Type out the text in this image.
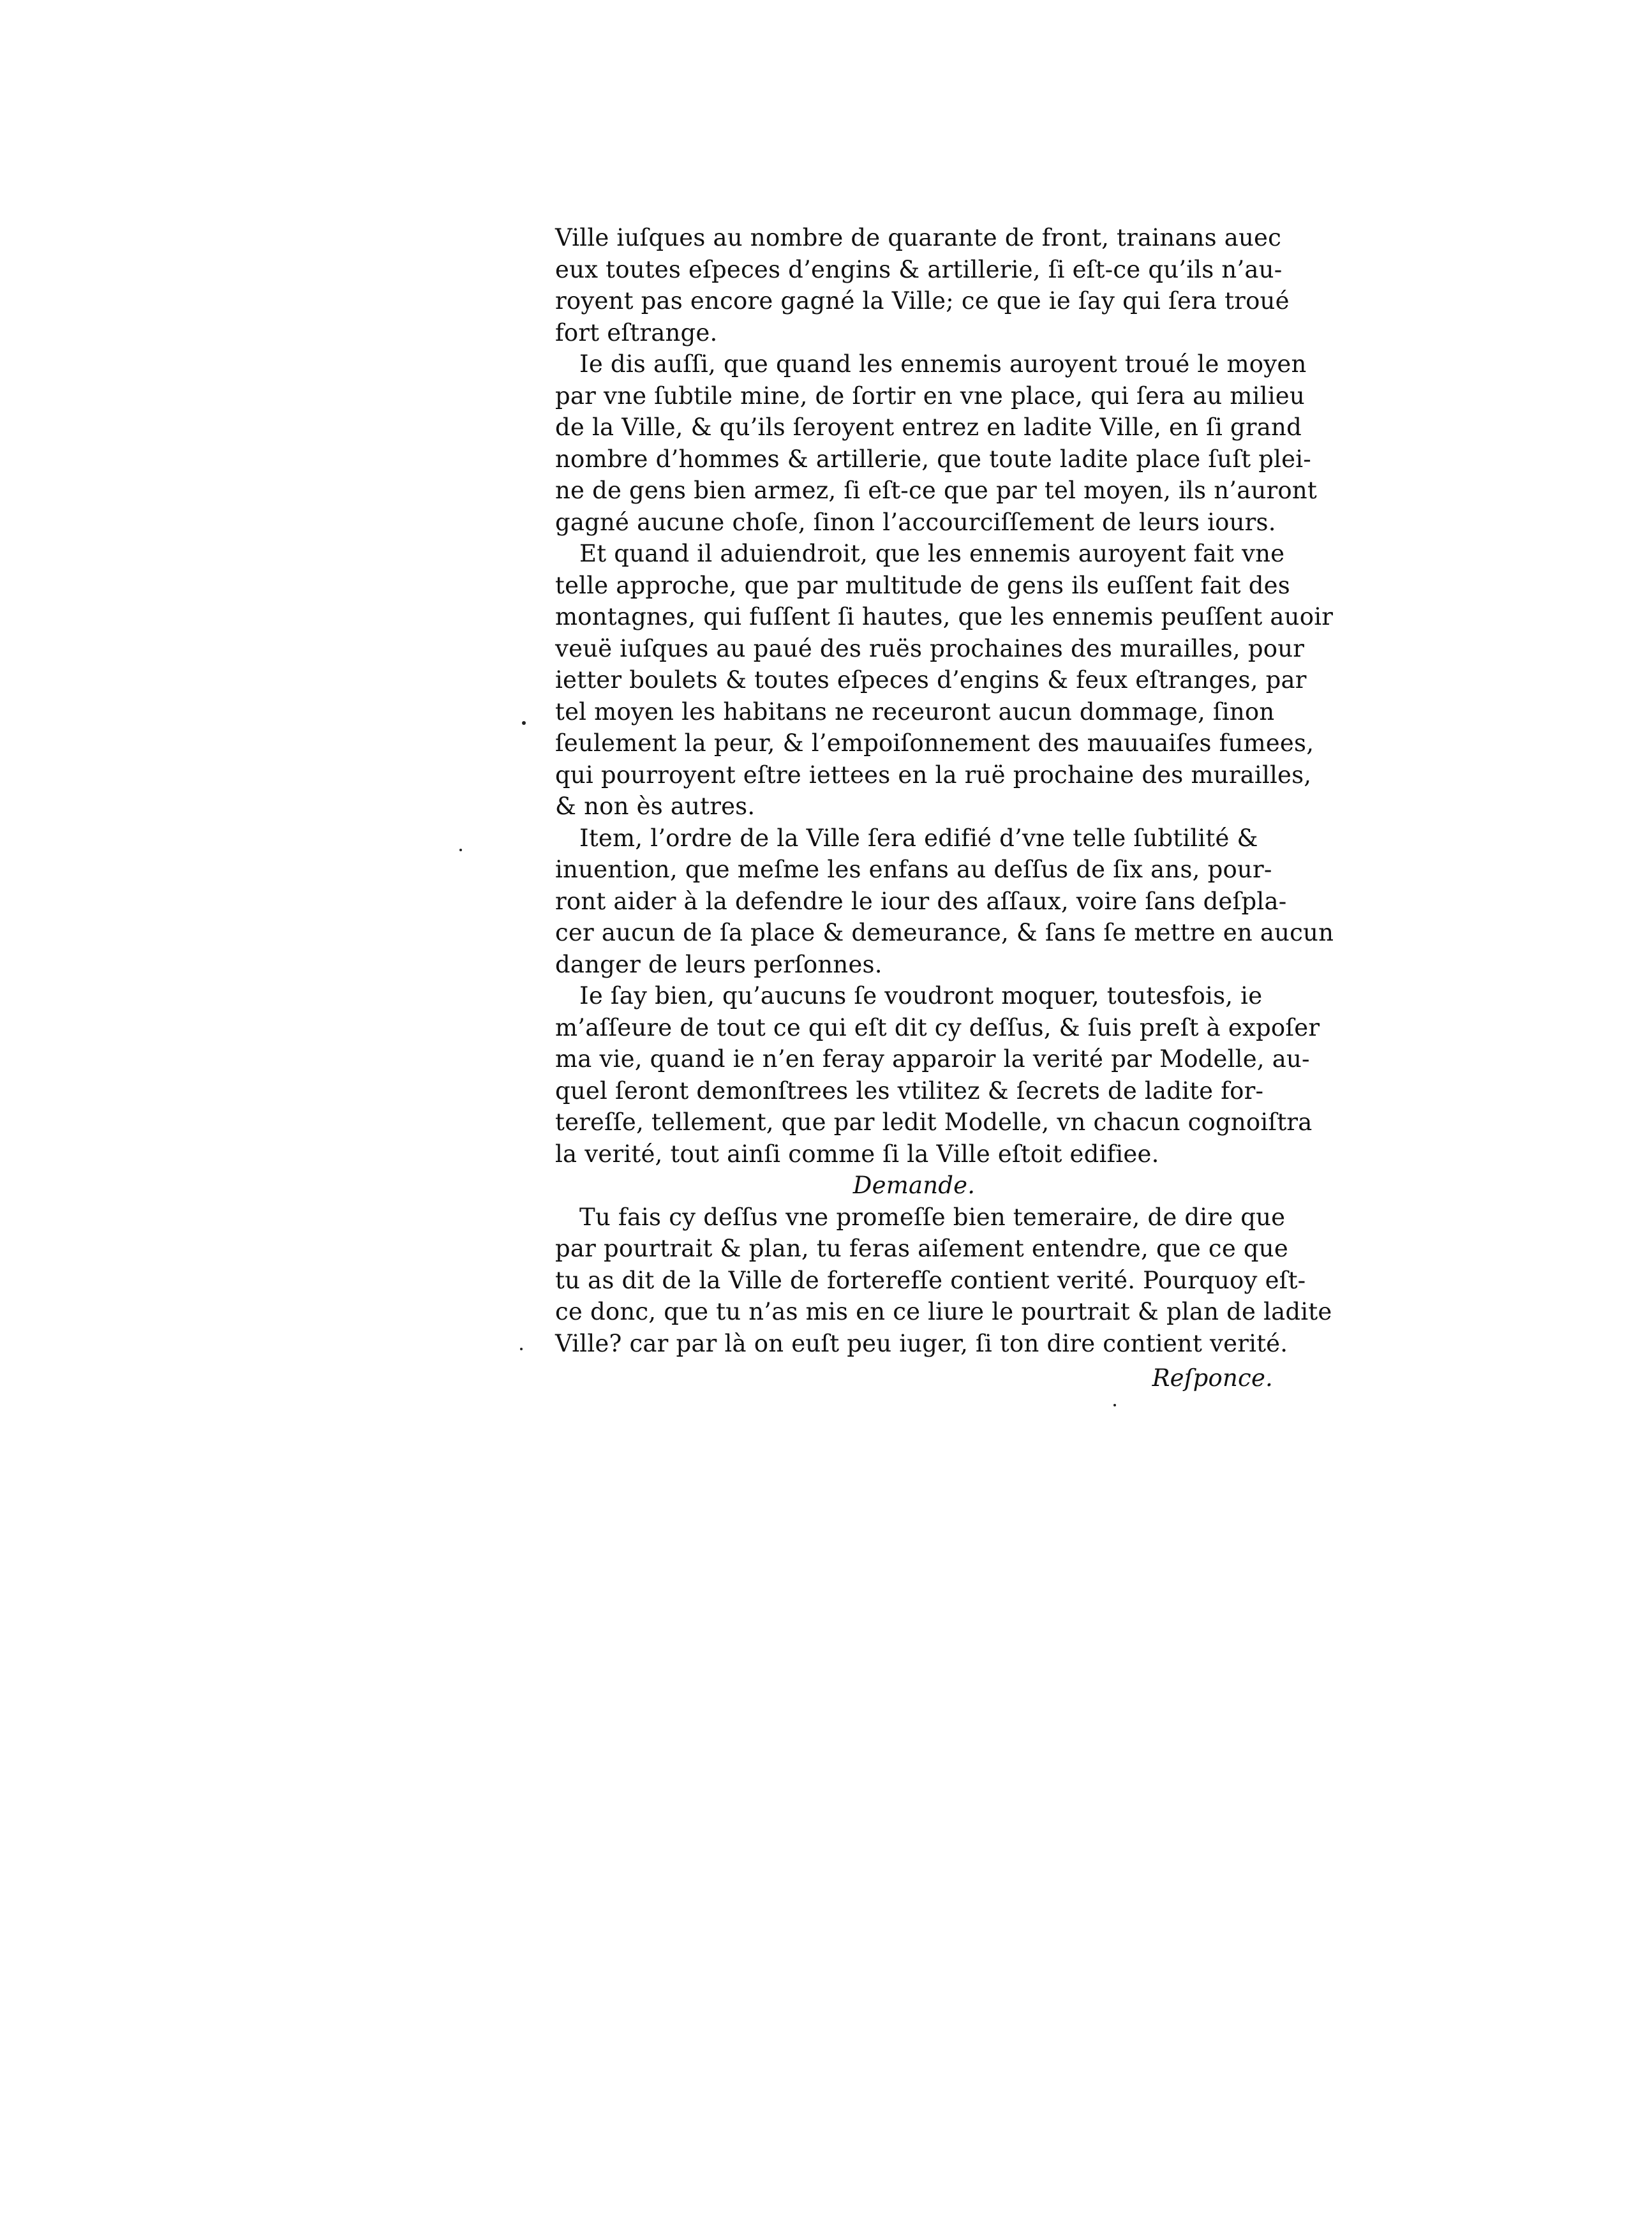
Ville iuſques au nombre de quarante de front, trainans auec
eux toutes eſpeces d’engins & artillerie, ſi eſt-ce qu’ils n’au-
royent pas encore gagné la Ville; ce que ie ſay qui ſera troué
fort eſtrange.
Ie dis auſſi, que quand les ennemis auroyent troué le moyen
par vne ſubtile mine, de ſortir en vne place, qui ſera au milieu
de la Ville, & qu’ils ſeroyent entrez en ladite Ville, en ſi grand
nombre d’hommes & artillerie, que toute ladite place ſuſt plei-
ne de gens bien armez, ſi eſt-ce que par tel moyen, ils n’auront
gagné aucune choſe, ſinon l’accourciſſement de leurs iours.
Et quand il aduiendroit, que les ennemis auroyent fait vne
telle approche, que par multitude de gens ils euſſent fait des
montagnes, qui fuſſent ſi hautes, que les ennemis peuſſent auoir
veuë iuſques au paué des ruës prochaines des murailles, pour
ietter boulets & toutes eſpeces d’engins & feux eſtranges, par
tel moyen les habitans ne receuront aucun dommage, ſinon
ſeulement la peur, & l’empoiſonnement des mauuaiſes fumees,
qui pourroyent eſtre iettees en la ruë prochaine des murailles,
& non ès autres.
Item, l’ordre de la Ville ſera edifié d’vne telle ſubtilité &
inuention, que meſme les enfans au deſſus de ſix ans, pour-
ront aider à la defendre le iour des aſſaux, voire ſans deſpla-
cer aucun de ſa place & demeurance, & ſans ſe mettre en aucun
danger de leurs perſonnes.
Ie ſay bien, qu’aucuns ſe voudront moquer, toutesfois, ie
m’aſſeure de tout ce qui eſt dit cy deſſus, & ſuis preſt à expoſer
ma vie, quand ie n’en feray apparoir la verité par Modelle, au-
quel ſeront demonſtrees les vtilitez & ſecrets de ladite for-
tereſſe, tellement, que par ledit Modelle, vn chacun cognoiſtra
la verité, tout ainſi comme ſi la Ville eſtoit edifiee.
Demande.
Tu fais cy deſſus vne promeſſe bien temeraire, de dire que
par pourtrait & plan, tu feras aiſement entendre, que ce que
tu as dit de la Ville de forterefſe contient verité. Pourquoy eſt-
ce donc, que tu n’as mis en ce liure le pourtrait & plan de ladite
Ville? car par là on euſt peu iuger, ſi ton dire contient verité.
Reſponce.
